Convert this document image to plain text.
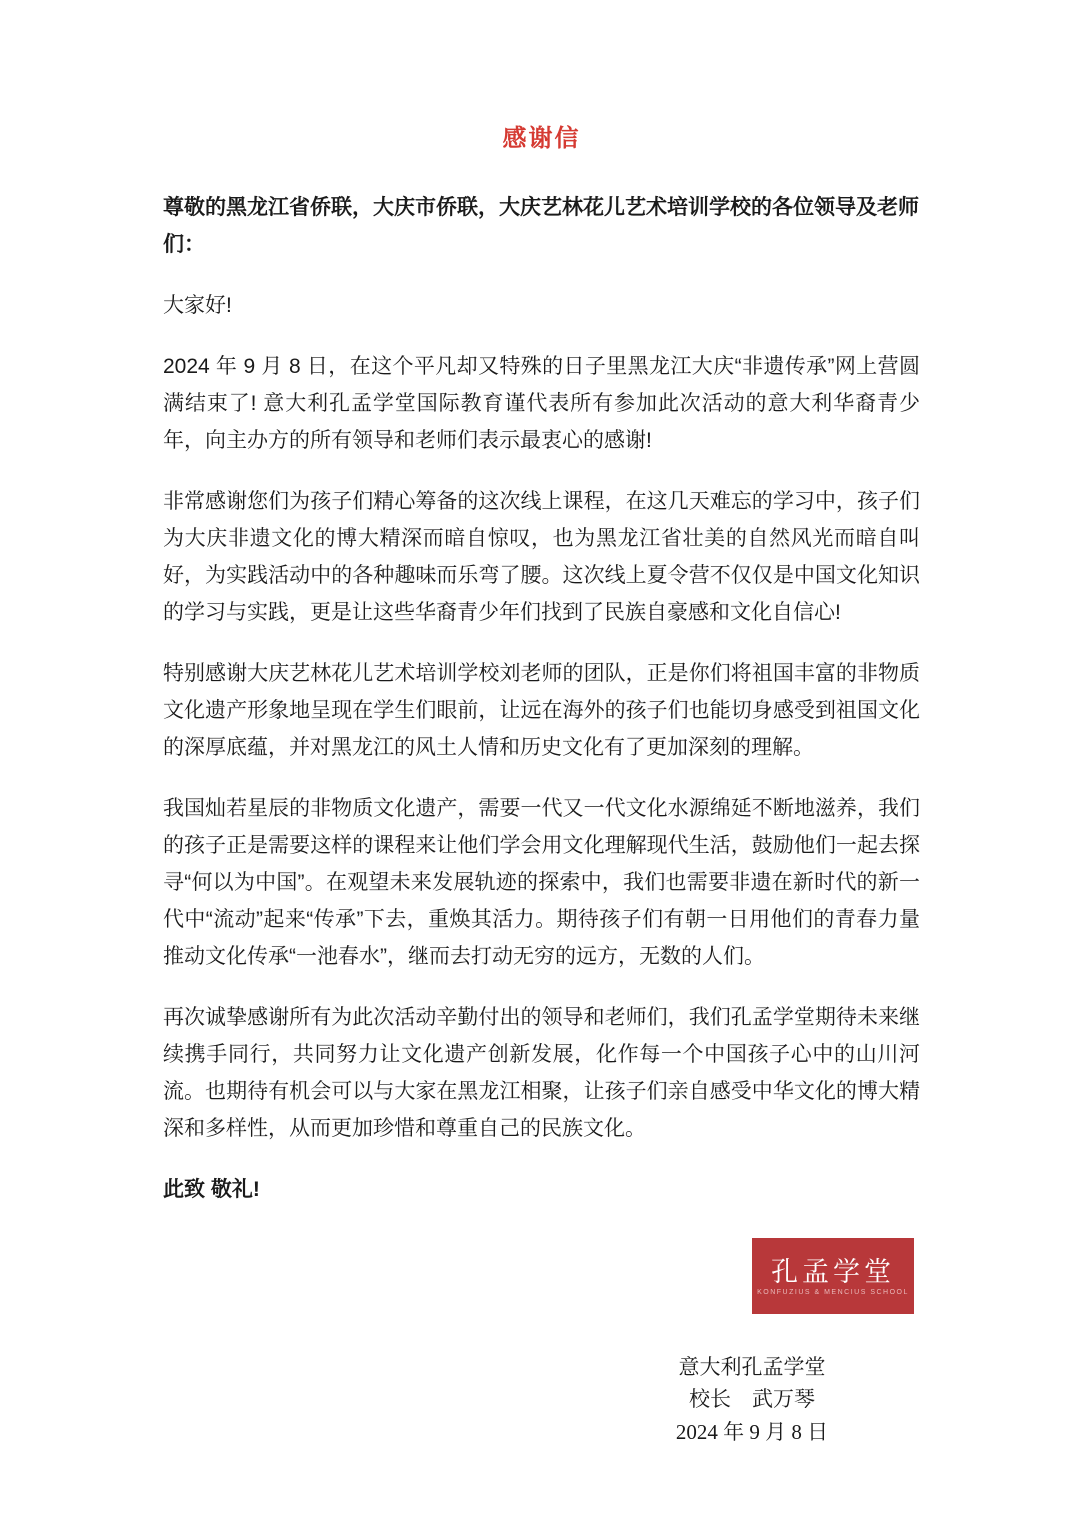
感谢信
尊敬的黑龙江省侨联，大庆市侨联，大庆艺林花儿艺术培训学校的各位领导及老师们：
大家好!
2024 年 9 月 8 日，在这个平凡却又特殊的日子里黑龙江大庆“非遗传承”网上营圆满结束了! 意大利孔孟学堂国际教育谨代表所有参加此次活动的意大利华裔青少年，向主办方的所有领导和老师们表示最衷心的感谢!
非常感谢您们为孩子们精心筹备的这次线上课程，在这几天难忘的学习中，孩子们为大庆非遗文化的博大精深而暗自惊叹，也为黑龙江省壮美的自然风光而暗自叫好，为实践活动中的各种趣味而乐弯了腰。这次线上夏令营不仅仅是中国文化知识的学习与实践，更是让这些华裔青少年们找到了民族自豪感和文化自信心!
特别感谢大庆艺林花儿艺术培训学校刘老师的团队，正是你们将祖国丰富的非物质文化遗产形象地呈现在学生们眼前，让远在海外的孩子们也能切身感受到祖国文化的深厚底蕴，并对黑龙江的风土人情和历史文化有了更加深刻的理解。
我国灿若星辰的非物质文化遗产，需要一代又一代文化水源绵延不断地滋养，我们的孩子正是需要这样的课程来让他们学会用文化理解现代生活，鼓励他们一起去探寻“何以为中国”。在观望未来发展轨迹的探索中，我们也需要非遗在新时代的新一代中“流动”起来“传承”下去，重焕其活力。期待孩子们有朝一日用他们的青春力量推动文化传承“一池春水”，继而去打动无穷的远方，无数的人们。
再次诚挚感谢所有为此次活动辛勤付出的领导和老师们，我们孔孟学堂期待未来继续携手同行，共同努力让文化遗产创新发展，化作每一个中国孩子心中的山川河流。也期待有机会可以与大家在黑龙江相聚，让孩子们亲自感受中华文化的博大精深和多样性，从而更加珍惜和尊重自己的民族文化。
此致 敬礼!
孔孟学堂
KONFUZIUS & MENCIUS SCHOOL
意大利孔孟学堂
校长　武万琴
2024 年 9 月 8 日
